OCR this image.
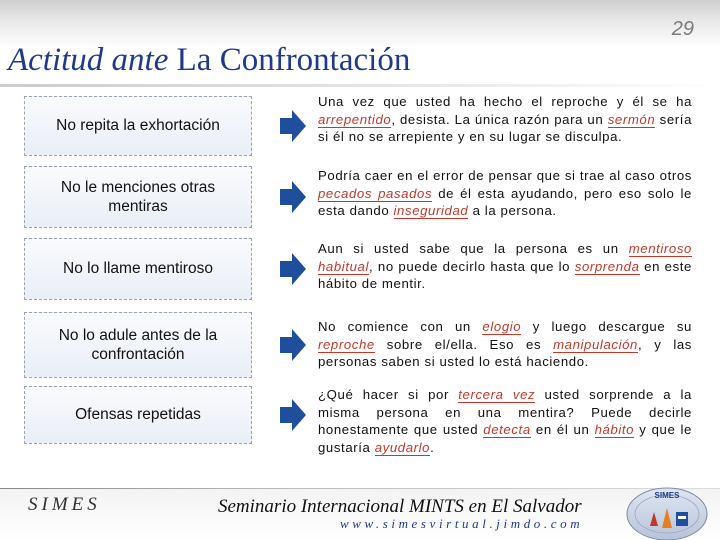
29
Actitud ante La Confrontación
No repita la exhortación
Una vez que usted ha hecho el reproche y él se ha arrepentido, desista. La única razón para un sermón sería si él no se arrepiente y en su lugar se disculpa.
No le menciones otras mentiras
Podría caer en el error de pensar que si trae al caso otros pecados pasados de él esta ayudando, pero eso solo le esta dando inseguridad a la persona.
No lo llame mentiroso
Aun si usted sabe que la persona es un mentiroso habitual, no puede decirlo hasta que lo sorprenda en este hábito de mentir.
No lo adule antes de la confrontación
No comience con un elogio y luego descargue su reproche sobre el/ella. Eso es manipulación, y las personas saben si usted lo está haciendo.
Ofensas repetidas
¿Qué hacer si por tercera vez usted sorprende a la misma persona en una mentira? Puede decirle honestamente que usted detecta en él un hábito y que le gustaría ayudarlo.
SIMES	Seminario Internacional MINTS en El Salvador
www.simesvirtual.jimdo.com
SIMES
